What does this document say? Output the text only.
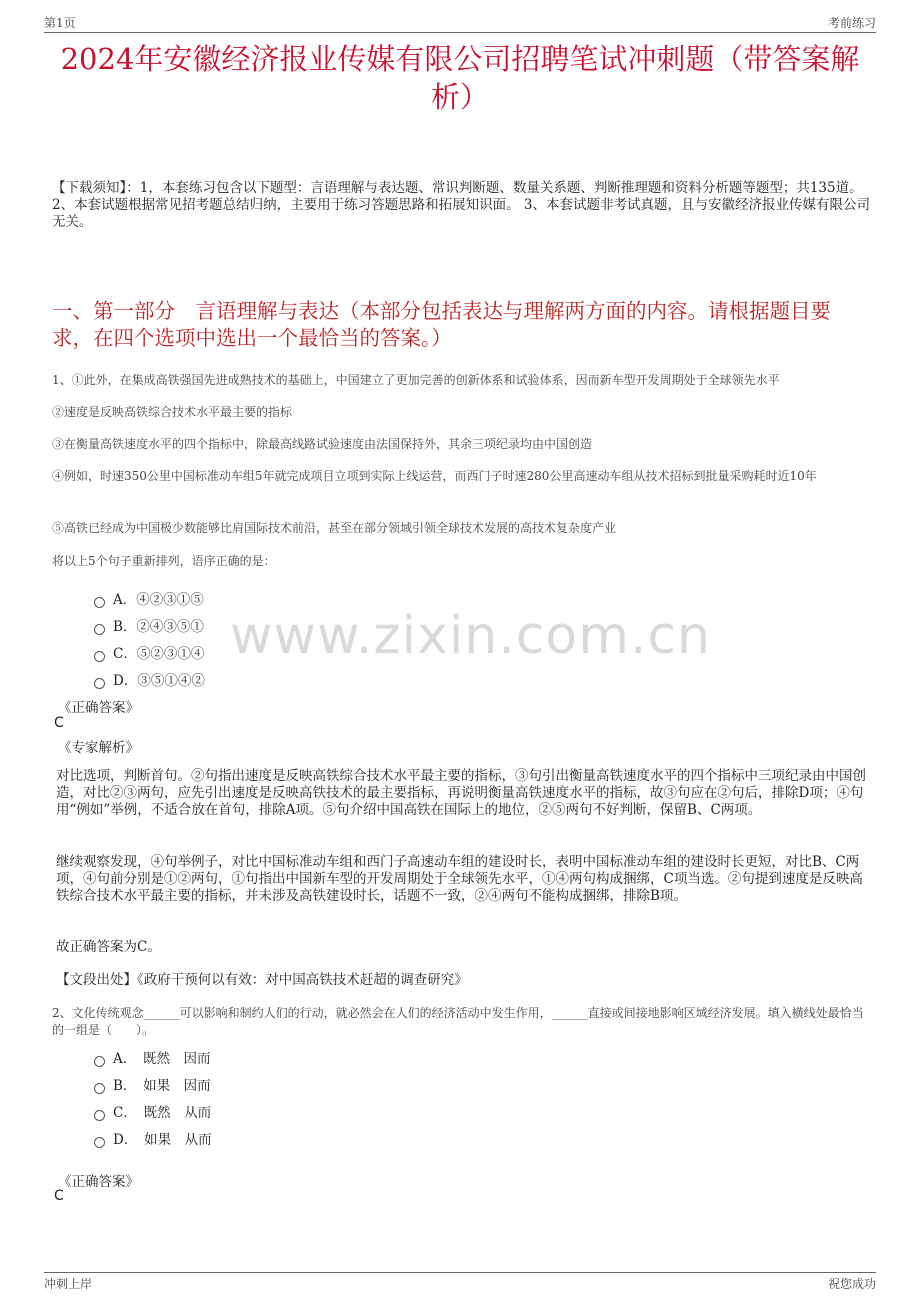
第1页	考前练习
2024年安徽经济报业传媒有限公司招聘笔试冲刺题（带答案解析）
【下载须知】：1，本套练习包含以下题型：言语理解与表达题、常识判断题、数量关系题、判断推理题和资料分析题等题型；共135道。 2、本套试题根据常见招考题总结归纳，主要用于练习答题思路和拓展知识面。 3、本套试题非考试真题，且与安徽经济报业传媒有限公司无关。
一、第一部分　言语理解与表达（本部分包括表达与理解两方面的内容。请根据题目要求，在四个选项中选出一个最恰当的答案。）
1、①此外，在集成高铁强国先进成熟技术的基础上，中国建立了更加完善的创新体系和试验体系，因而新车型开发周期处于全球领先水平
②速度是反映高铁综合技术水平最主要的指标
③在衡量高铁速度水平的四个指标中，除最高线路试验速度由法国保持外，其余三项纪录均由中国创造
④例如，时速350公里中国标准动车组5年就完成项目立项到实际上线运营，而西门子时速280公里高速动车组从技术招标到批量采购耗时近10年
⑤高铁已经成为中国极少数能够比肩国际技术前沿，甚至在部分领域引领全球技术发展的高技术复杂度产业
将以上5个句子重新排列，语序正确的是：
www.zixin.com.cn
A．④②③①⑤
B．②④③⑤①
C．⑤②③①④
D．③⑤①④②
《正确答案》
C
《专家解析》
对比选项，判断首句。②句指出速度是反映高铁综合技术水平最主要的指标，③句引出衡量高铁速度水平的四个指标中三项纪录由中国创造，对比②③两句，应先引出速度是反映高铁技术的最主要指标，再说明衡量高铁速度水平的指标，故③句应在②句后，排除D项；④句用“例如”举例，不适合放在首句，排除A项。⑤句介绍中国高铁在国际上的地位，②⑤两句不好判断，保留B、C两项。
继续观察发现，④句举例子，对比中国标准动车组和西门子高速动车组的建设时长，表明中国标准动车组的建设时长更短，对比B、C两项，④句前分别是①②两句，①句指出中国新车型的开发周期处于全球领先水平，①④两句构成捆绑，C项当选。②句提到速度是反映高铁综合技术水平最主要的指标，并未涉及高铁建设时长，话题不一致，②④两句不能构成捆绑，排除B项。
故正确答案为C。
【文段出处】《政府干预何以有效：对中国高铁技术赶超的调查研究》
2、文化传统观念______可以影响和制约人们的行动，就必然会在人们的经济活动中发生作用，______直接或间接地影响区域经济发展。填入横线处最恰当的一组是（　　）。
A．　既然　因而
B．　如果　因而
C．　既然　从而
D．　如果　从而
《正确答案》
C
冲刺上岸	祝您成功
